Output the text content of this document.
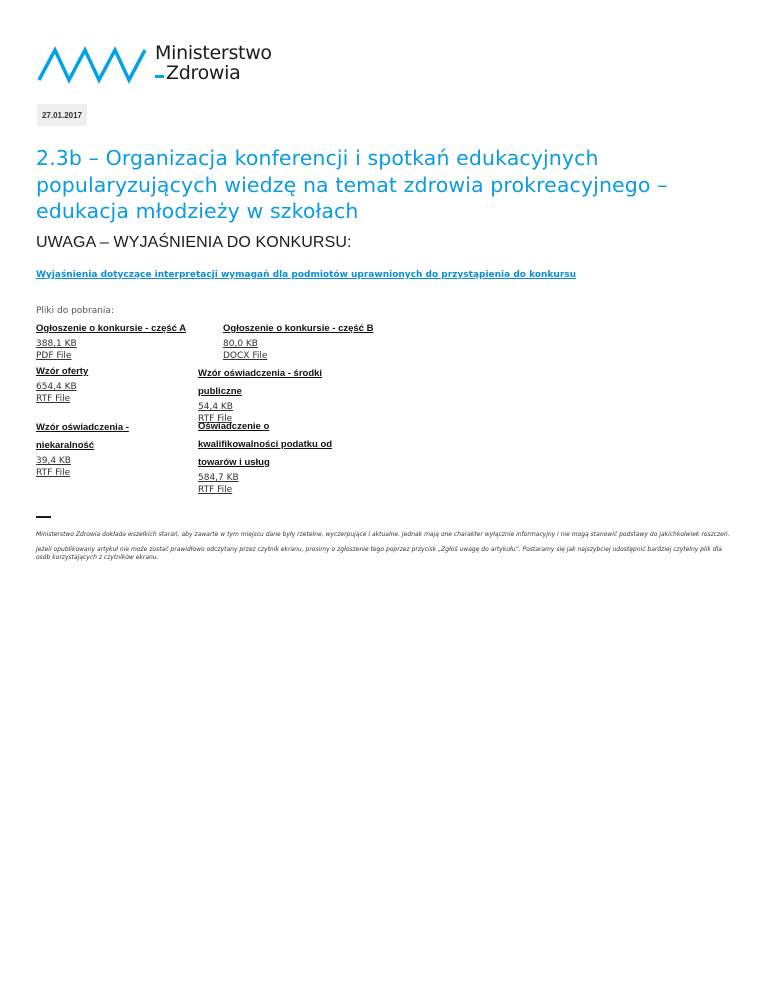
Ministerstwo
Zdrowia
27.01.2017
2.3b – Organizacja konferencji i spotkań edukacyjnych popularyzujących wiedzę na temat zdrowia prokreacyjnego – edukacja młodzieży w szkołach
UWAGA – WYJAŚNIENIA DO KONKURSU:
Wyjaśnienia dotyczące interpretacji wymagań dla podmiotów uprawnionych do przystąpienia do konkursu
Pliki do pobrania:
Ogłoszenie o konkursie - część A
388,1 KB
PDF File
Ogłoszenie o konkursie - część B
80,0 KB
DOCX File
Wzór oferty
654,4 KB
RTF File
Wzór oświadczenia - środki
publiczne
54,4 KB
RTF File
Wzór oświadczenia -
niekaralność
39,4 KB
RTF File
Oświadczenie o
kwalifikowalności podatku od
towarów i usług
584,7 KB
RTF File

Ministerstwo Zdrowia dokłada wszelkich starań, aby zawarte w tym miejscu dane były rzetelne, wyczerpujące i aktualne. Jednak mają one charakter wyłącznie informacyjny i nie mogą stanowić podstawy do jakichkolwiek roszczeń.

Jeżeli opublikowany artykuł nie może zostać prawidłowo odczytany przez czytnik ekranu, prosimy o zgłoszenie tego poprzez przycisk „Zgłoś uwagę do artykułu”. Postaramy się jak najszybciej udostępnić bardziej czytelny plik dla osób korzystających z czytników ekranu.
